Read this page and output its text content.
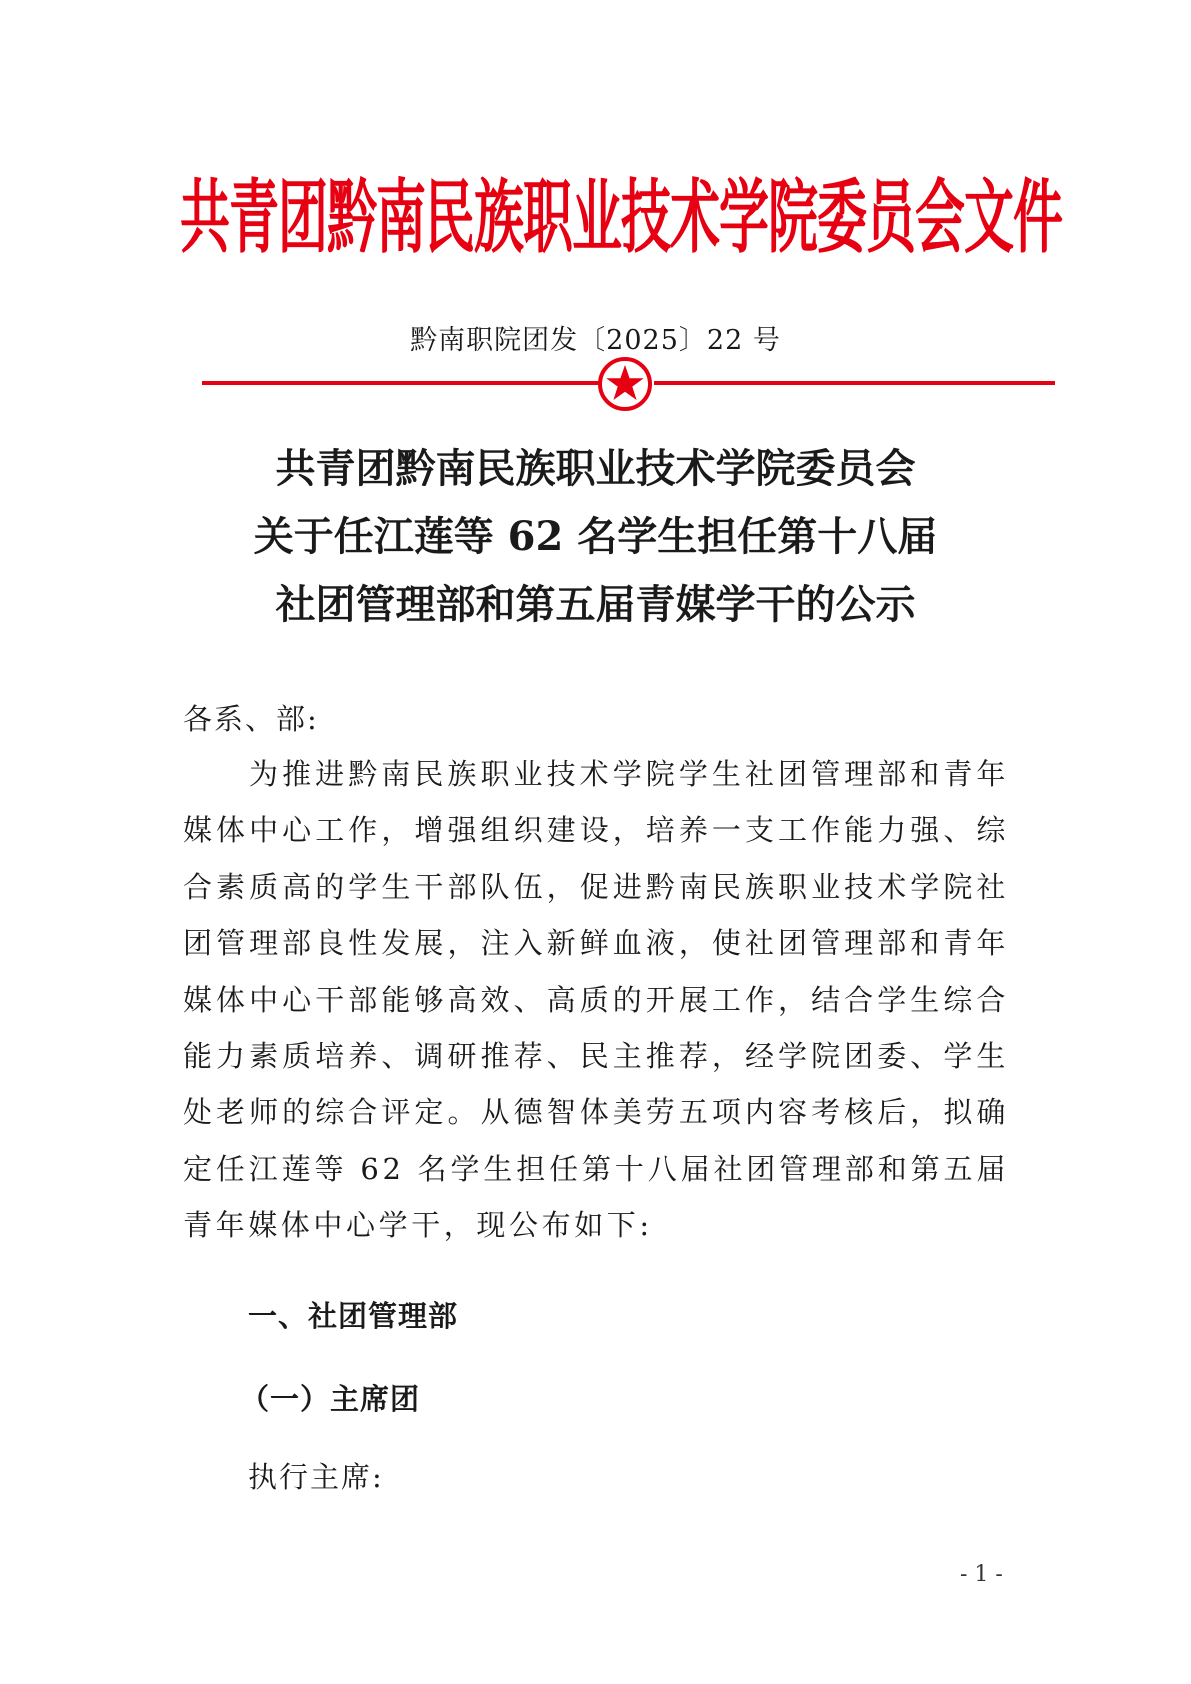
共青团黔南民族职业技术学院委员会文件
黔南职院团发〔2025〕22 号
共青团黔南民族职业技术学院委员会
关于任江莲等 62 名学生担任第十八届
社团管理部和第五届青媒学干的公示
各系、部:

为推进黔南民族职业技术学院学生社团管理部和青年媒体中心工作，增强组织建设，培养一支工作能力强、综合素质高的学生干部队伍，促进黔南民族职业技术学院社团管理部良性发展，注入新鲜血液，使社团管理部和青年媒体中心干部能够高效、高质的开展工作，结合学生综合能力素质培养、调研推荐、民主推荐，经学院团委、学生处老师的综合评定。从德智体美劳五项内容考核后，拟确定任江莲等 62 名学生担任第十八届社团管理部和第五届青年媒体中心学干，现公布如下:

一、社团管理部
（一）主席团
执行主席:
- 1 -
